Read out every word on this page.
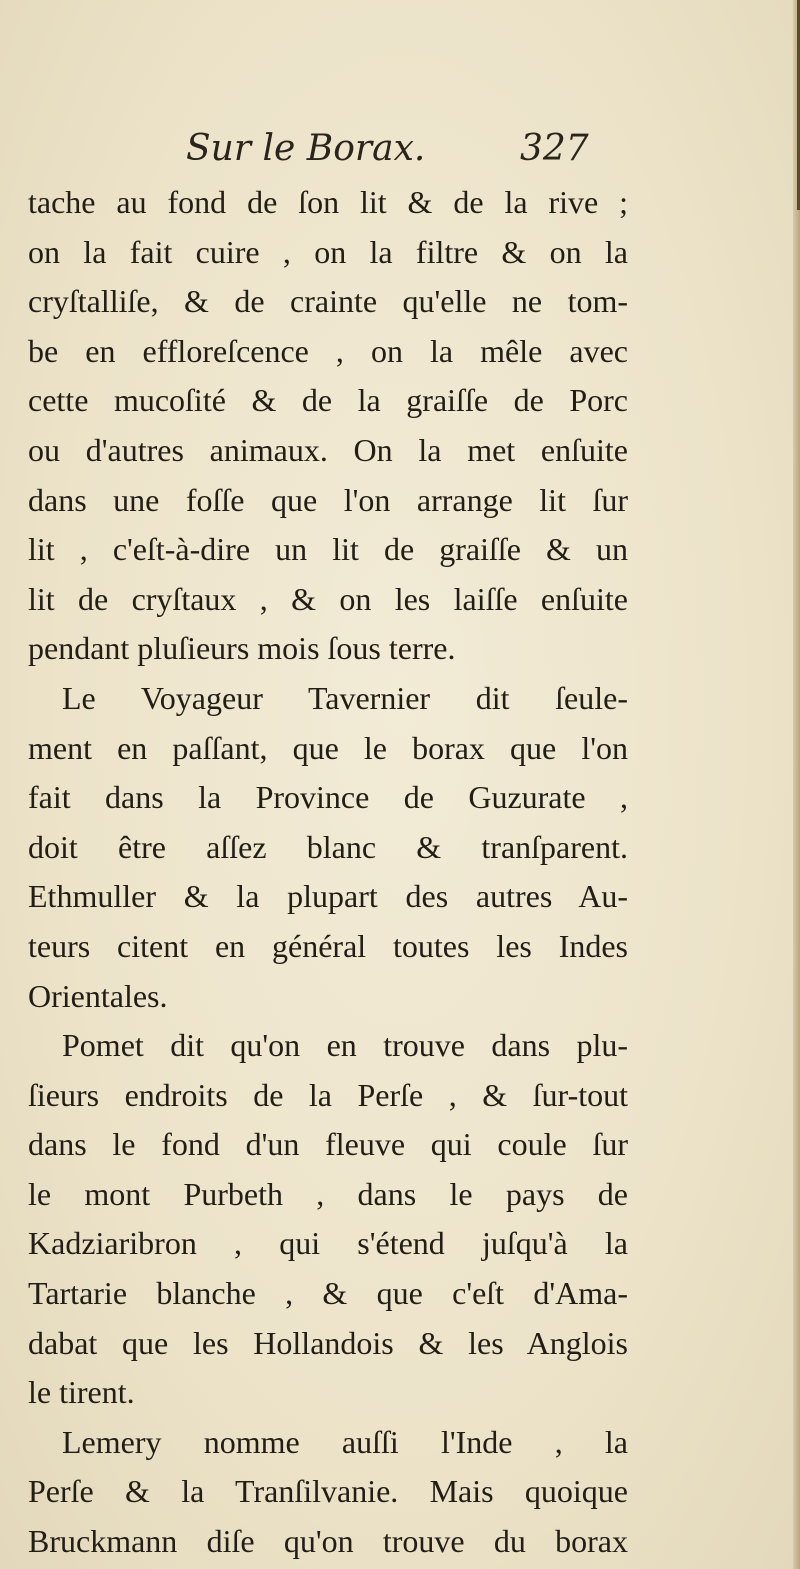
Sur le Borax.	327
tache au fond de ſon lit & de la rive ;
on la fait cuire , on la filtre & on la
cryſtalliſe, & de crainte qu'elle ne tom-
be en effloreſcence , on la mêle avec
cette mucoſité & de la graiſſe de Porc
ou d'autres animaux. On la met enſuite
dans une foſſe que l'on arrange lit ſur
lit , c'eſt-à-dire un lit de graiſſe & un
lit de cryſtaux , & on les laiſſe enſuite
pendant pluſieurs mois ſous terre.
Le Voyageur Tavernier dit ſeule-
ment en paſſant, que le borax que l'on
fait dans la Province de Guzurate ,
doit être aſſez blanc & tranſparent.
Ethmuller & la plupart des autres Au-
teurs citent en général toutes les Indes
Orientales.
Pomet dit qu'on en trouve dans plu-
ſieurs endroits de la Perſe , & ſur-tout
dans le fond d'un fleuve qui coule ſur
le mont Purbeth , dans le pays de
Kadziaribron , qui s'étend juſqu'à la
Tartarie blanche , & que c'eſt d'Ama-
dabat que les Hollandois & les Anglois
le tirent.
Lemery nomme auſſi l'Inde , la
Perſe & la Tranſilvanie. Mais quoique
Bruckmann diſe qu'on trouve du borax
